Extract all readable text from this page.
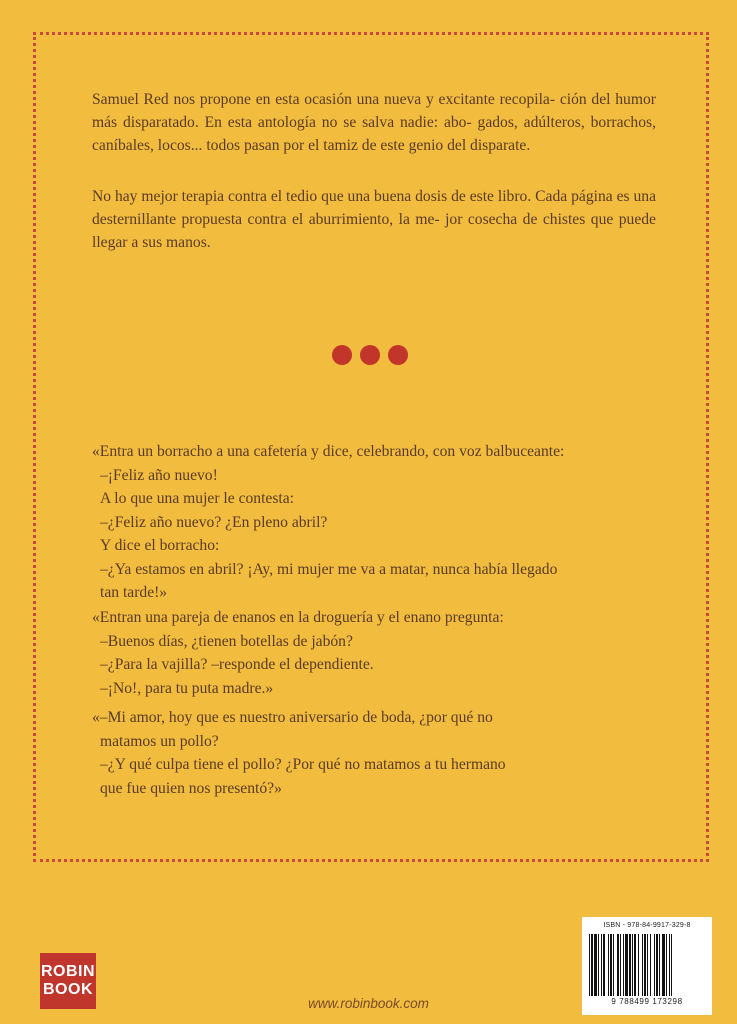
Samuel Red nos propone en esta ocasión una nueva y excitante recopila- ción del humor más disparatado. En esta antología no se salva nadie: abo- gados, adúlteros, borrachos, caníbales, locos... todos pasan por el tamiz de este genio del disparate.
No hay mejor terapia contra el tedio que una buena dosis de este libro. Cada página es una desternillante propuesta contra el aburrimiento, la me- jor cosecha de chistes que puede llegar a sus manos.
«Entra un borracho a una cafetería y dice, celebrando, con voz balbuceante:
–¡Feliz año nuevo!
A lo que una mujer le contesta:
–¿Feliz año nuevo? ¿En pleno abril?
Y dice el borracho:
–¿Ya estamos en abril? ¡Ay, mi mujer me va a matar, nunca había llegado
tan tarde!»
«Entran una pareja de enanos en la droguería y el enano pregunta:
–Buenos días, ¿tienen botellas de jabón?
–¿Para la vajilla? –responde el dependiente.
–¡No!, para tu puta madre.»
«–Mi amor, hoy que es nuestro aniversario de boda, ¿por qué no
matamos un pollo?
–¿Y qué culpa tiene el pollo? ¿Por qué no matamos a tu hermano
que fue quien nos presentó?»
ROBIN
BOOK
www.robinbook.com
ISBN - 978-84-9917-329-8
9 788499 173298
